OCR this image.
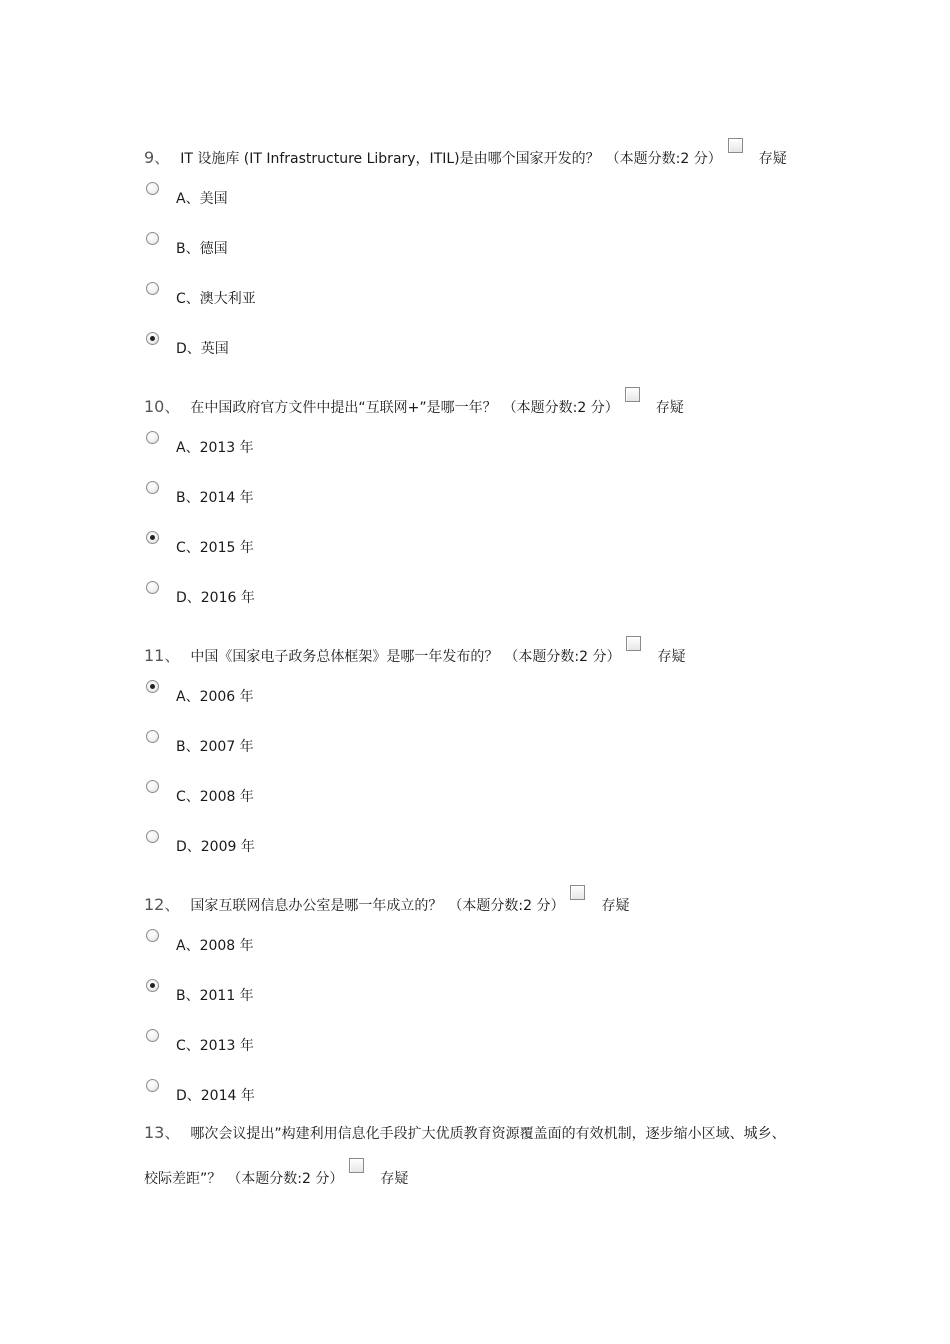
9、 IT 设施库 (IT Infrastructure Library，ITIL)是由哪个国家开发的？ （本题分数:2 分）	存疑
A、美国
B、德国
C、澳大利亚
D、英国
10、 在中国政府官方文件中提出“互联网+”是哪一年？ （本题分数:2 分）	存疑
A、2013 年
B、2014 年
C、2015 年
D、2016 年
11、 中国《国家电子政务总体框架》是哪一年发布的？ （本题分数:2 分）	存疑
A、2006 年
B、2007 年
C、2008 年
D、2009 年
12、 国家互联网信息办公室是哪一年成立的？ （本题分数:2 分）	存疑
A、2008 年
B、2011 年
C、2013 年
D、2014 年
13、 哪次会议提出”构建利用信息化手段扩大优质教育资源覆盖面的有效机制，逐步缩小区域、城乡、
校际差距”？ （本题分数:2 分）	存疑
